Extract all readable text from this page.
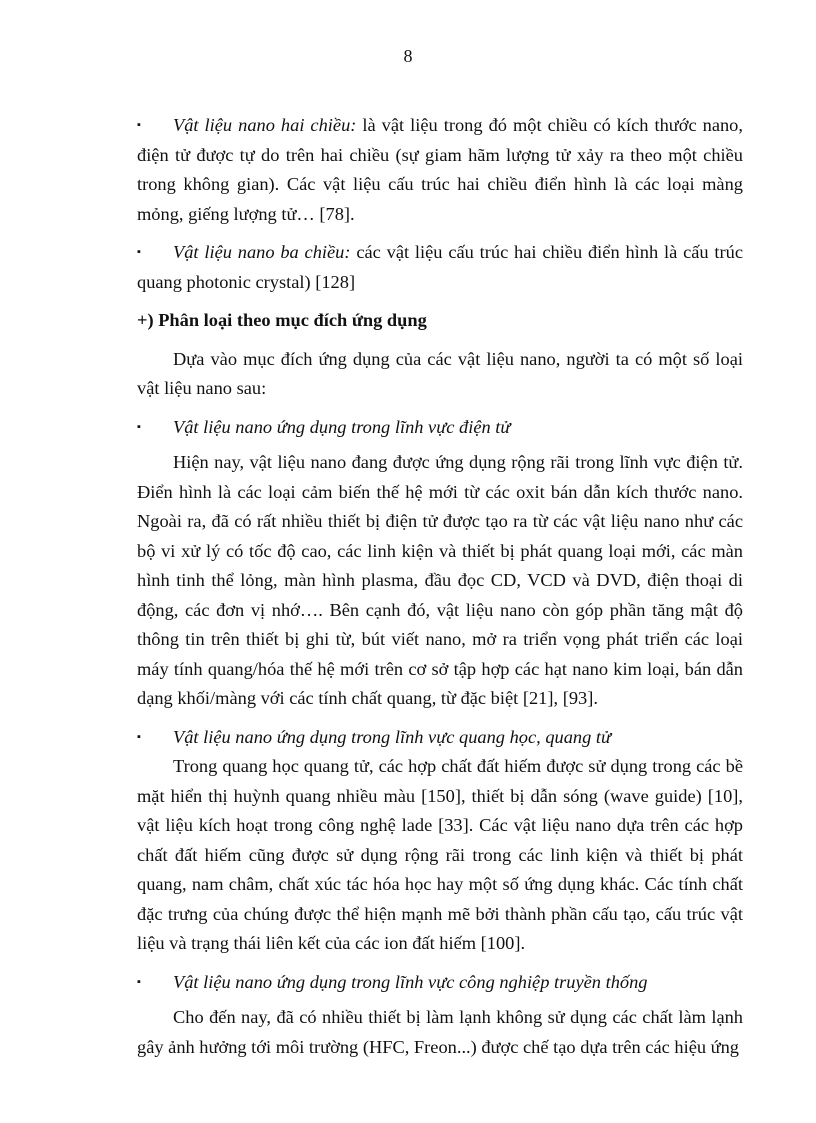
8
▪ Vật liệu nano hai chiều: là vật liệu trong đó một chiều có kích thước nano, điện tử được tự do trên hai chiều (sự giam hãm lượng tử xảy ra theo một chiều trong không gian). Các vật liệu cấu trúc hai chiều điển hình là các loại màng mỏng, giếng lượng tử… [78].
▪ Vật liệu nano ba chiều: các vật liệu cấu trúc hai chiều điển hình là cấu trúc quang photonic crystal) [128]
+) Phân loại theo mục đích ứng dụng

Dựa vào mục đích ứng dụng của các vật liệu nano, người ta có một số loại vật liệu nano sau:

▪ Vật liệu nano ứng dụng trong lĩnh vực điện tử

Hiện nay, vật liệu nano đang được ứng dụng rộng rãi trong lĩnh vực điện tử. Điển hình là các loại cảm biến thế hệ mới từ các oxit bán dẫn kích thước nano. Ngoài ra, đã có rất nhiều thiết bị điện tử được tạo ra từ các vật liệu nano như các bộ vi xử lý có tốc độ cao, các linh kiện và thiết bị phát quang loại mới, các màn hình tinh thể lỏng, màn hình plasma, đầu đọc CD, VCD và DVD, điện thoại di động, các đơn vị nhớ…. Bên cạnh đó, vật liệu nano còn góp phần tăng mật độ thông tin trên thiết bị ghi từ, bút viết nano, mở ra triển vọng phát triển các loại máy tính quang/hóa thế hệ mới trên cơ sở tập hợp các hạt nano kim loại, bán dẫn dạng khối/màng với các tính chất quang, từ đặc biệt [21], [93].

▪ Vật liệu nano ứng dụng trong lĩnh vực quang học, quang tử

Trong quang học quang tử, các hợp chất đất hiếm được sử dụng trong các bề mặt hiển thị huỳnh quang nhiều màu [150], thiết bị dẫn sóng (wave guide) [10], vật liệu kích hoạt trong công nghệ lade [33]. Các vật liệu nano dựa trên các hợp chất đất hiếm cũng được sử dụng rộng rãi trong các linh kiện và thiết bị phát quang, nam châm, chất xúc tác hóa học hay một số ứng dụng khác. Các tính chất đặc trưng của chúng được thể hiện mạnh mẽ bởi thành phần cấu tạo, cấu trúc vật liệu và trạng thái liên kết của các ion đất hiếm [100].

▪ Vật liệu nano ứng dụng trong lĩnh vực công nghiệp truyền thống

Cho đến nay, đã có nhiều thiết bị làm lạnh không sử dụng các chất làm lạnh gây ảnh hưởng tới môi trường (HFC, Freon...) được chế tạo dựa trên các hiệu ứng
